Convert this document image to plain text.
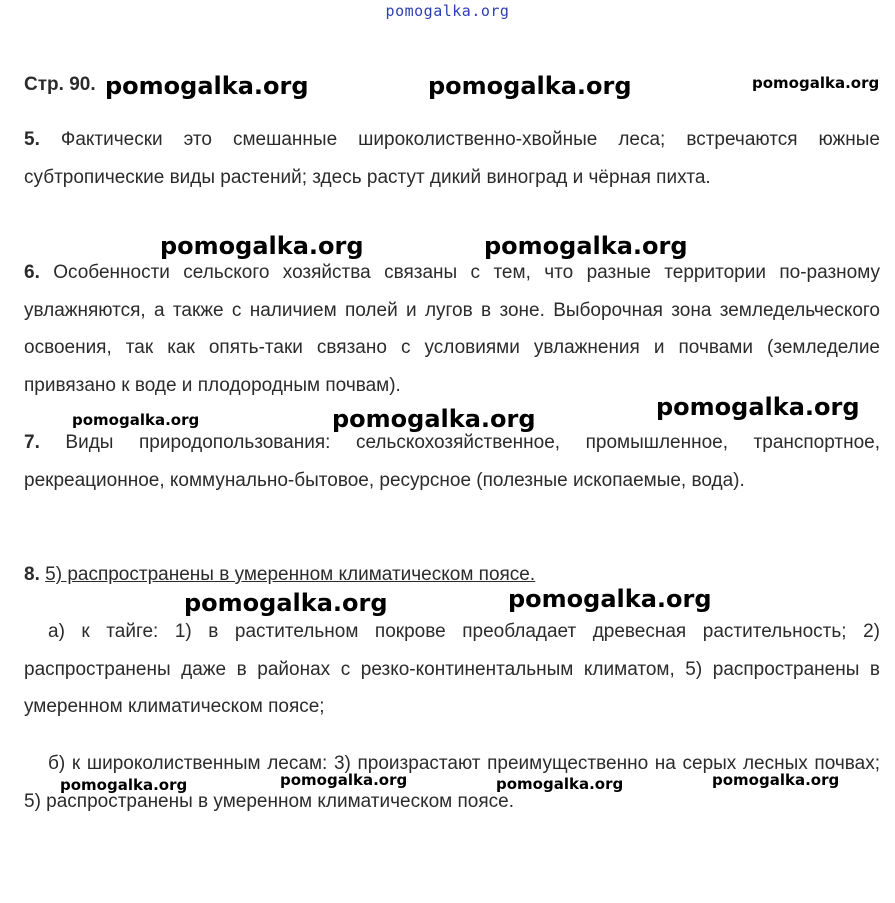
pomogalka.org
Стр. 90.
5. Фактически это смешанные широколиственно-хвойные леса; встречаются южные субтропические виды растений; здесь растут дикий виноград и чёрная пихта.
6. Особенности сельского хозяйства связаны с тем, что разные территории по-разному увлажняются, а также с наличием полей и лугов в зоне. Выборочная зона земледельческого освоения, так как опять-таки связано с условиями увлажнения и почвами (земледелие привязано к воде и плодородным почвам).
7. Виды природопользования: сельскохозяйственное, промышленное, транспортное, рекреационное, коммунально-бытовое, ресурсное (полезные ископаемые, вода).
8. 5) распространены в умеренном климатическом поясе.
а) к тайге: 1) в растительном покрове преобладает древесная растительность; 2) распространены даже в районах с резко-континентальным климатом, 5) распространены в умеренном климатическом поясе;
б) к широколиственным лесам: 3) произрастают преимущественно на серых лесных почвах; 5) распространены в умеренном климатическом поясе.
pomogalka.org	pomogalka.org	pomogalka.org
pomogalka.org	pomogalka.org
pomogalka.org	pomogalka.org	pomogalka.org
pomogalka.org	pomogalka.org
pomogalka.org	pomogalka.org	pomogalka.org	pomogalka.org
